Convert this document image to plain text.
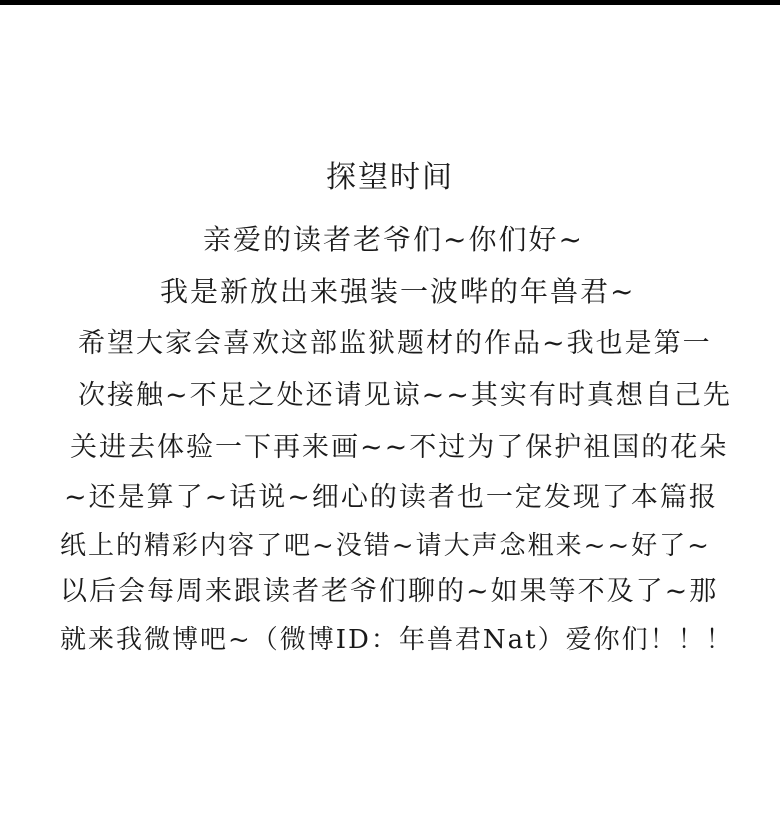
探望时间
亲爱的读者老爷们~你们好~
我是新放出来强装一波哔的年兽君~
希望大家会喜欢这部监狱题材的作品~我也是第一
次接触~不足之处还请见谅~~其实有时真想自己先
关进去体验一下再来画~~不过为了保护祖国的花朵
~还是算了~话说~细心的读者也一定发现了本篇报
纸上的精彩内容了吧~没错~请大声念粗来~~好了~
以后会每周来跟读者老爷们聊的~如果等不及了~那
就来我微博吧~（微博ID：年兽君Nat）爱你们！！！
